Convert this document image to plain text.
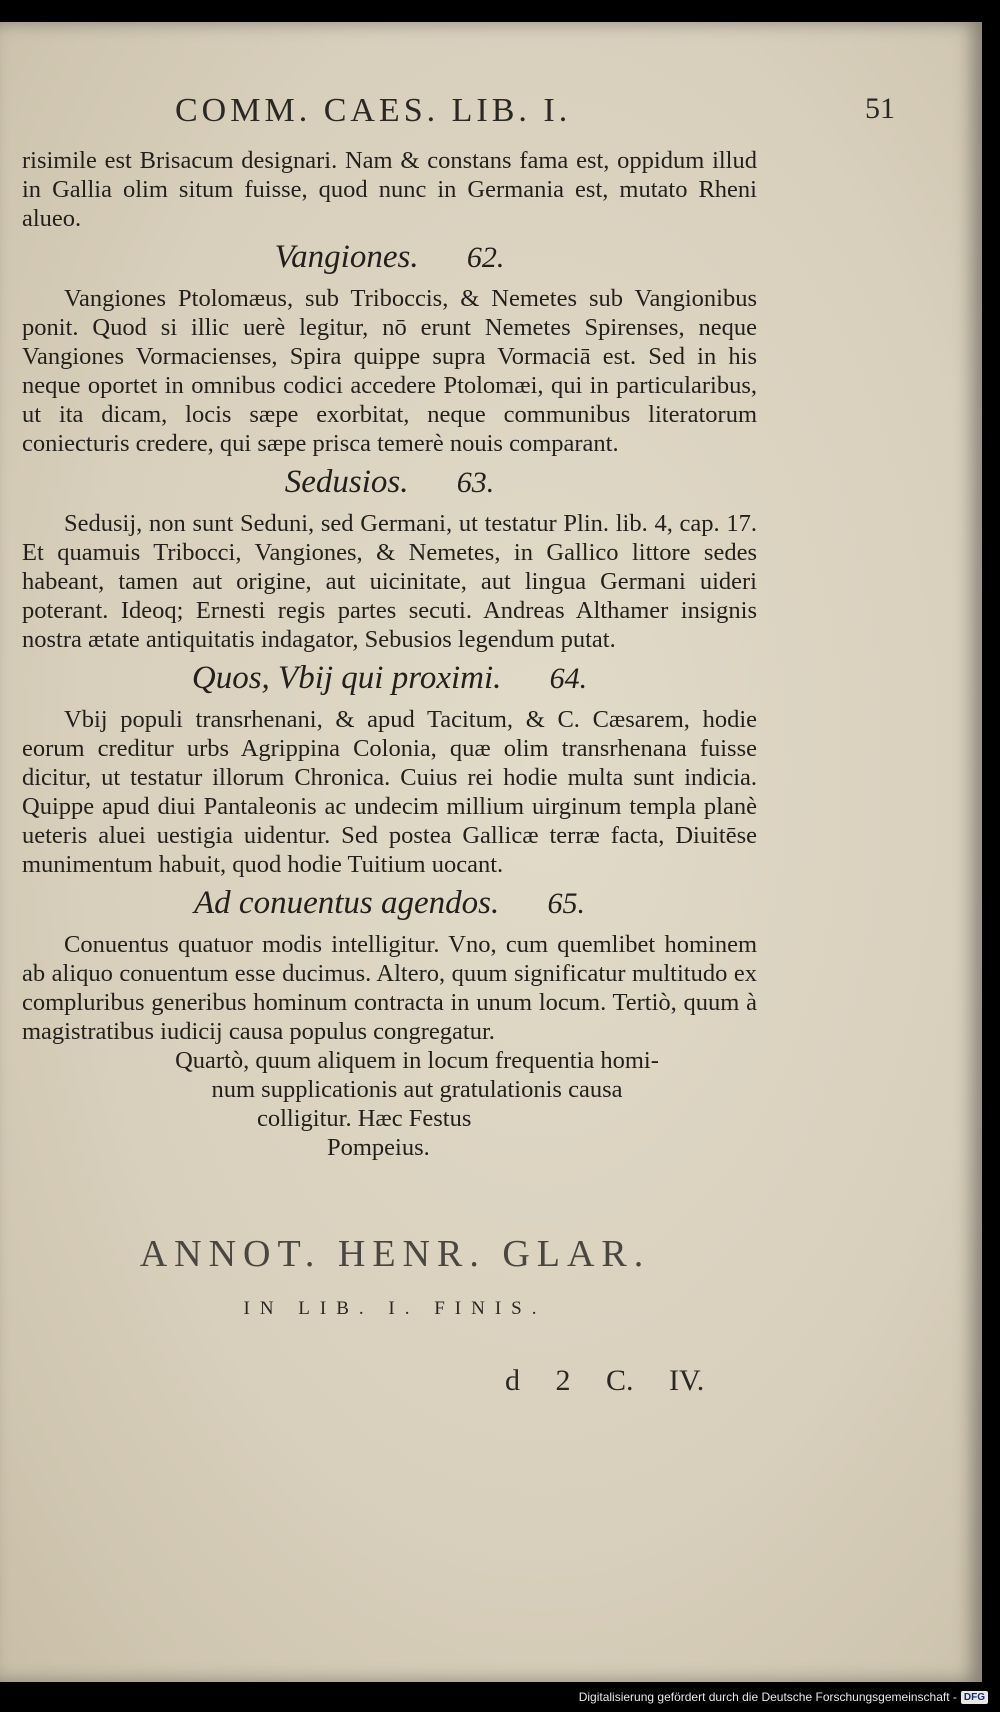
COMM. CAES. LIB. I.	51

risimile est Brisacum designari. Nam & constans fama est, oppidum illud in Gallia olim situm fuisse, quod nunc in Germania est, mutato Rheni alueo.

Vangiones. 62.

Vangiones Ptolomæus, sub Triboccis, & Nemetes sub Vangionibus ponit. Quod si illic uerè legitur, nō erunt Nemetes Spirenses, neque Vangiones Vormacienses, Spira quippe supra Vormaciā est. Sed in his neque oportet in omnibus codici accedere Ptolomæi, qui in particularibus, ut ita dicam, locis sæpe exorbitat, neque communibus literatorum coniecturis credere, qui sæpe prisca temerè nouis comparant.

Sedusios. 63.

Sedusij, non sunt Seduni, sed Germani, ut testatur Plin. lib. 4, cap. 17. Et quamuis Tribocci, Vangiones, & Nemetes, in Gallico littore sedes habeant, tamen aut origine, aut uicinitate, aut lingua Germani uideri poterant. Ideoq; Ernesti regis partes secuti. Andreas Althamer insignis nostra ætate antiquitatis indagator, Sebusios legendum putat.

Quos, Vbij qui proximi. 64.

Vbij populi transrhenani, & apud Tacitum, & C. Cæsarem, hodie eorum creditur urbs Agrippina Colonia, quæ olim transrhenana fuisse dicitur, ut testatur illorum Chronica. Cuius rei hodie multa sunt indicia. Quippe apud diui Pantaleonis ac undecim millium uirginum templa planè ueteris aluei uestigia uidentur. Sed postea Gallicæ terræ facta, Diuitēse munimentum habuit, quod hodie Tuitium uocant.

Ad conuentus agendos. 65.

Conuentus quatuor modis intelligitur. Vno, cum quemlibet hominem ab aliquo conuentum esse ducimus. Altero, quum significatur multitudo ex compluribus generibus hominum contracta in unum locum. Tertiò, quum à magistratibus iudicij causa populus congregatur.

Quartò, quum aliquem in locum frequentia homi-

num supplicationis aut gratulationis causa

colligitur. Hæc Festus

Pompeius.

ANNOT. HENR. GLAR.
IN LIB. I. FINIS.
d 2 C. IV.
Digitalisierung gefördert durch die Deutsche Forschungsgemeinschaft - DFG
